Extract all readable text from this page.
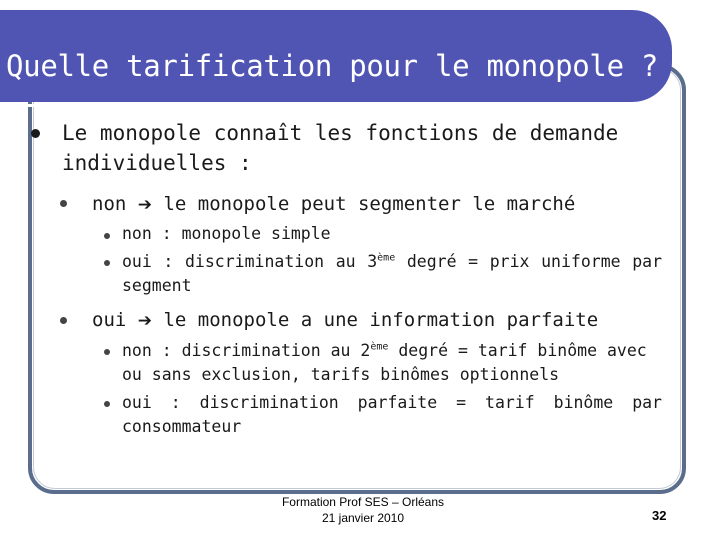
Quelle tarification pour le monopole ?
Le monopole connaît les fonctions de demande
individuelles :
non ➔ le monopole peut segmenter le marché
non : monopole simple
oui : discrimination au 3ème degré = prix uniforme par segment
oui ➔ le monopole a une information parfaite
non : discrimination au 2ème degré = tarif binôme avec ou sans exclusion, tarifs binômes optionnels
oui : discrimination parfaite = tarif binôme par consommateur
Formation Prof SES – Orléans
21 janvier 2010	32
